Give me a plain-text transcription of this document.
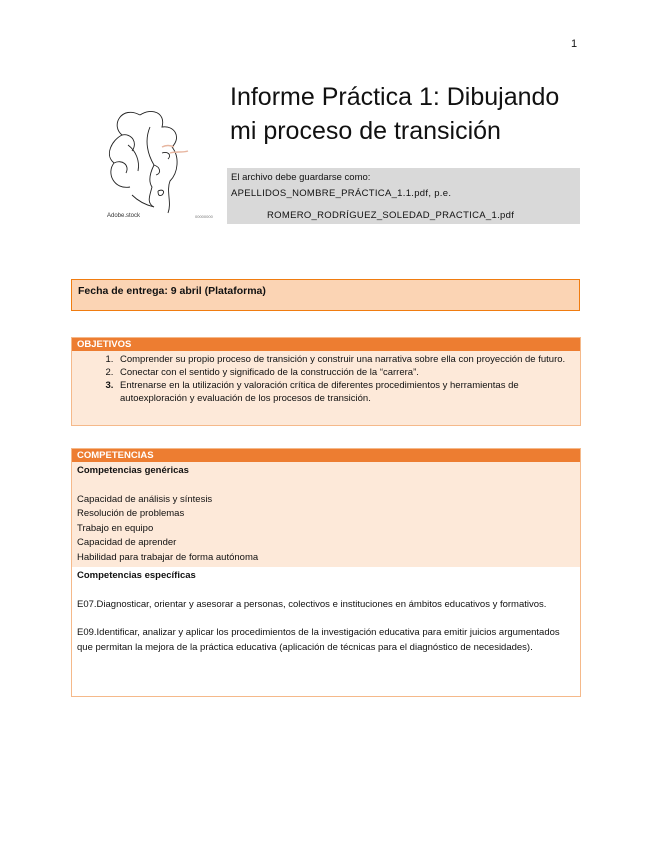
1
Adobe.stock	00000000
Informe Práctica 1: Dibujando mi proceso de transición
El archivo debe guardarse como:
APELLIDOS_NOMBRE_PRÁCTICA_1.1.pdf, p.e.
ROMERO_RODRÍGUEZ_SOLEDAD_PRACTICA_1.pdf
Fecha de entrega: 9 abril (Plataforma)
OBJETIVOS
1. Comprender su propio proceso de transición y construir una narrativa sobre ella con proyección de futuro.
2. Conectar con el sentido y significado de la construcción de la “carrera”.
3. Entrenarse en la utilización y valoración crítica de diferentes procedimientos y herramientas de autoexploración y evaluación de los procesos de transición.
COMPETENCIAS
Competencias genéricas
Capacidad de análisis y síntesis
Resolución de problemas
Trabajo en equipo
Capacidad de aprender
Habilidad para trabajar de forma autónoma
Competencias específicas
E07.Diagnosticar, orientar y asesorar a personas, colectivos e instituciones en ámbitos educativos y formativos.
E09.Identificar, analizar y aplicar los procedimientos de la investigación educativa para emitir juicios argumentados que permitan la mejora de la práctica educativa (aplicación de técnicas para el diagnóstico de necesidades).
